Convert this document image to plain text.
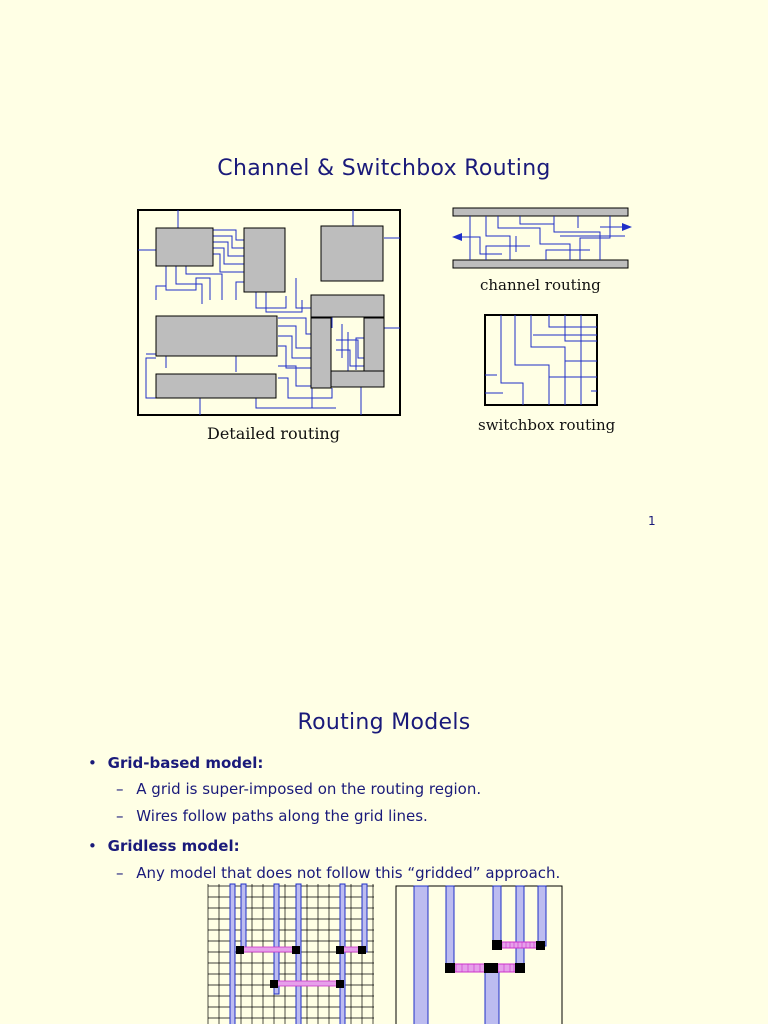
Channel & Switchbox Routing
Detailed routing
channel routing
switchbox routing
1
Routing Models
• Grid-based model:
– A grid is super-imposed on the routing region.
– Wires follow paths along the grid lines.
• Gridless model:
– Any model that does not follow this “gridded” approach.
